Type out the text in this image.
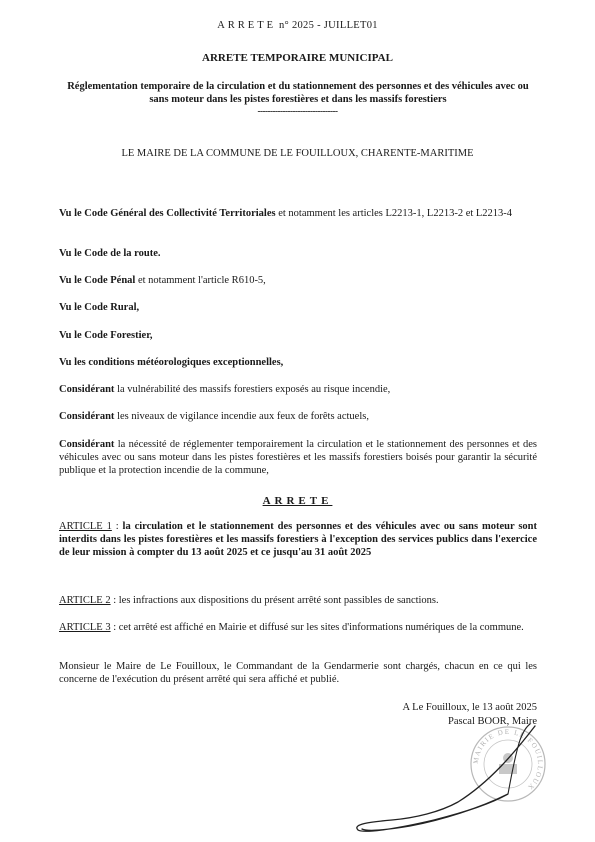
ARRETE n° 2025 - JUILLET01
ARRETE TEMPORAIRE MUNICIPAL
Réglementation temporaire de la circulation et du stationnement des personnes et des véhicules avec ou sans moteur dans les pistes forestières et dans les massifs forestiers
--------------------------------
LE MAIRE DE LA COMMUNE DE LE FOUILLOUX, CHARENTE-MARITIME
Vu le Code Général des Collectivité Territoriales et notamment les articles L2213-1, L2213-2 et L2213-4
Vu le Code de la route.
Vu le Code Pénal et notamment l'article R610-5,
Vu le Code Rural,
Vu le Code Forestier,
Vu les conditions météorologiques exceptionnelles,
Considérant la vulnérabilité des massifs forestiers exposés au risque incendie,
Considérant les niveaux de vigilance incendie aux feux de forêts actuels,
Considérant la nécessité de réglementer temporairement la circulation et le stationnement des personnes et des véhicules avec ou sans moteur dans les pistes forestières et les massifs forestiers boisés pour garantir la sécurité publique et la protection incendie de la commune,
ARRETE
ARTICLE 1 : la circulation et le stationnement des personnes et des véhicules avec ou sans moteur sont interdits dans les pistes forestières et les massifs forestiers à l'exception des services publics dans l'exercice de leur mission à compter du 13 août 2025 et ce jusqu'au 31 août 2025
ARTICLE 2 : les infractions aux dispositions du présent arrêté sont passibles de sanctions.
ARTICLE 3 : cet arrêté est affiché en Mairie et diffusé sur les sites d'informations numériques de la commune.
Monsieur le Maire de Le Fouilloux, le Commandant de la Gendarmerie sont chargés, chacun en ce qui les concerne de l'exécution du présent arrêté qui sera affiché et publié.
A Le Fouilloux, le 13 août 2025
Pascal BOOR, Maire
MAIRIE DE LE FOUILLOUX
